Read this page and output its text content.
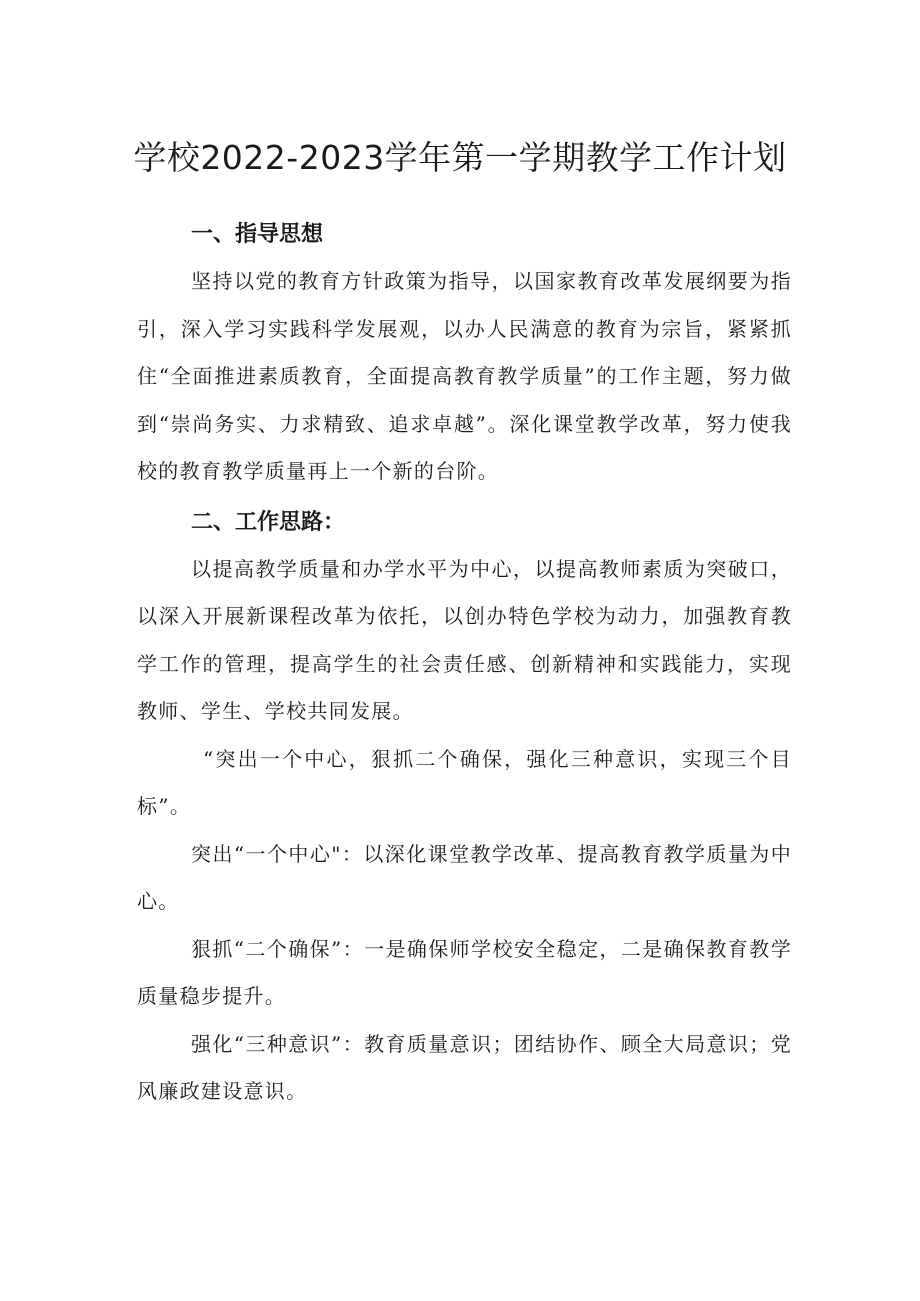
学校2022-2023学年第一学期教学工作计划
一、指导思想

坚持以党的教育方针政策为指导，以国家教育改革发展纲要为指引，深入学习实践科学发展观，以办人民满意的教育为宗旨，紧紧抓住“全面推进素质教育，全面提高教育教学质量”的工作主题，努力做到“崇尚务实、力求精致、追求卓越”。深化课堂教学改革，努力使我校的教育教学质量再上一个新的台阶。

二、工作思路：

以提高教学质量和办学水平为中心，以提高教师素质为突破口，以深入开展新课程改革为依托，以创办特色学校为动力，加强教育教学工作的管理，提高学生的社会责任感、创新精神和实践能力，实现教师、学生、学校共同发展。

“突出一个中心，狠抓二个确保，强化三种意识，实现三个目标”。

突出“一个中心"：以深化课堂教学改革、提高教育教学质量为中心。

狠抓“二个确保”：一是确保师学校安全稳定，二是确保教育教学质量稳步提升。

强化“三种意识”：教育质量意识；团结协作、顾全大局意识；党风廉政建设意识。
